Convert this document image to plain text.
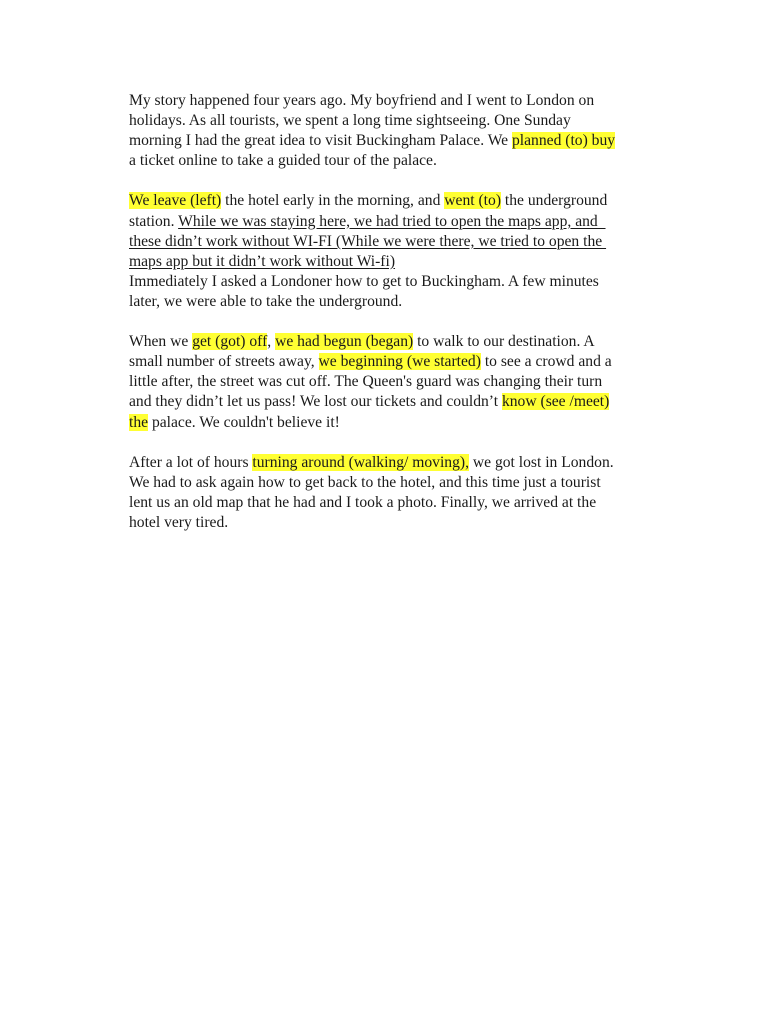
My story happened four years ago. My boyfriend and I went to London on
holidays. As all tourists, we spent a long time sightseeing. One Sunday
morning I had the great idea to visit Buckingham Palace. We planned (to) buy
a ticket online to take a guided tour of the palace.
We leave (left) the hotel early in the morning, and went (to) the underground
station. While we was staying here, we had tried to open the maps app, and
these didn’t work without WI-FI (While we were there, we tried to open the
maps app but it didn’t work without Wi-fi)
Immediately I asked a Londoner how to get to Buckingham. A few minutes
later, we were able to take the underground.
When we get (got) off, we had begun (began) to walk to our destination. A
small number of streets away, we beginning (we started) to see a crowd and a
little after, the street was cut off. The Queen's guard was changing their turn
and they didn’t let us pass! We lost our tickets and couldn’t know (see /meet)
the palace. We couldn't believe it!
After a lot of hours turning around (walking/ moving), we got lost in London.
We had to ask again how to get back to the hotel, and this time just a tourist
lent us an old map that he had and I took a photo. Finally, we arrived at the
hotel very tired.
